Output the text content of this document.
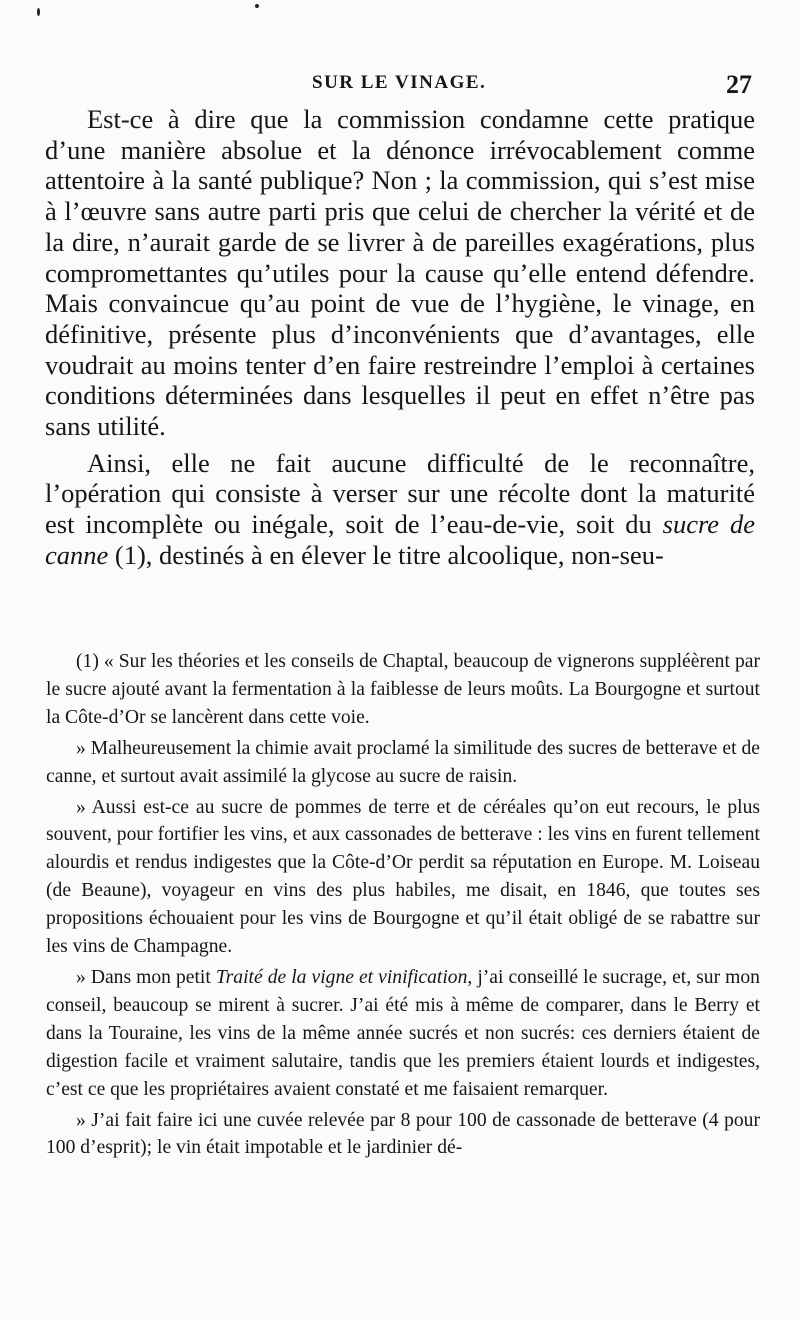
SUR LE VINAGE.	27

Est-ce à dire que la commission condamne cette pratique d’une manière absolue et la dénonce irrévocablement comme attentoire à la santé publique? Non ; la commission, qui s’est mise à l’œuvre sans autre parti pris que celui de chercher la vérité et de la dire, n’aurait garde de se livrer à de pareilles exagérations, plus compromettantes qu’utiles pour la cause qu’elle entend défendre. Mais convaincue qu’au point de vue de l’hygiène, le vinage, en définitive, présente plus d’inconvénients que d’avantages, elle voudrait au moins tenter d’en faire restreindre l’emploi à certaines conditions déterminées dans lesquelles il peut en effet n’être pas sans utilité.

Ainsi, elle ne fait aucune difficulté de le reconnaître, l’opération qui consiste à verser sur une récolte dont la maturité est incomplète ou inégale, soit de l’eau-de-vie, soit du sucre de canne (1), destinés à en élever le titre alcoolique, non-seu-

(1) « Sur les théories et les conseils de Chaptal, beaucoup de vignerons suppléèrent par le sucre ajouté avant la fermentation à la faiblesse de leurs moûts. La Bourgogne et surtout la Côte-d’Or se lancèrent dans cette voie.

» Malheureusement la chimie avait proclamé la similitude des sucres de betterave et de canne, et surtout avait assimilé la glycose au sucre de raisin.

» Aussi est-ce au sucre de pommes de terre et de céréales qu’on eut recours, le plus souvent, pour fortifier les vins, et aux cassonades de betterave : les vins en furent tellement alourdis et rendus indigestes que la Côte-d’Or perdit sa réputation en Europe. M. Loiseau (de Beaune), voyageur en vins des plus habiles, me disait, en 1846, que toutes ses propositions échouaient pour les vins de Bourgogne et qu’il était obligé de se rabattre sur les vins de Champagne.

» Dans mon petit Traité de la vigne et vinification, j’ai conseillé le sucrage, et, sur mon conseil, beaucoup se mirent à sucrer. J’ai été mis à même de comparer, dans le Berry et dans la Touraine, les vins de la même année sucrés et non sucrés: ces derniers étaient de digestion facile et vraiment salutaire, tandis que les premiers étaient lourds et indigestes, c’est ce que les propriétaires avaient constaté et me faisaient remarquer.

» J’ai fait faire ici une cuvée relevée par 8 pour 100 de cassonade de betterave (4 pour 100 d’esprit); le vin était impotable et le jardinier dé-
